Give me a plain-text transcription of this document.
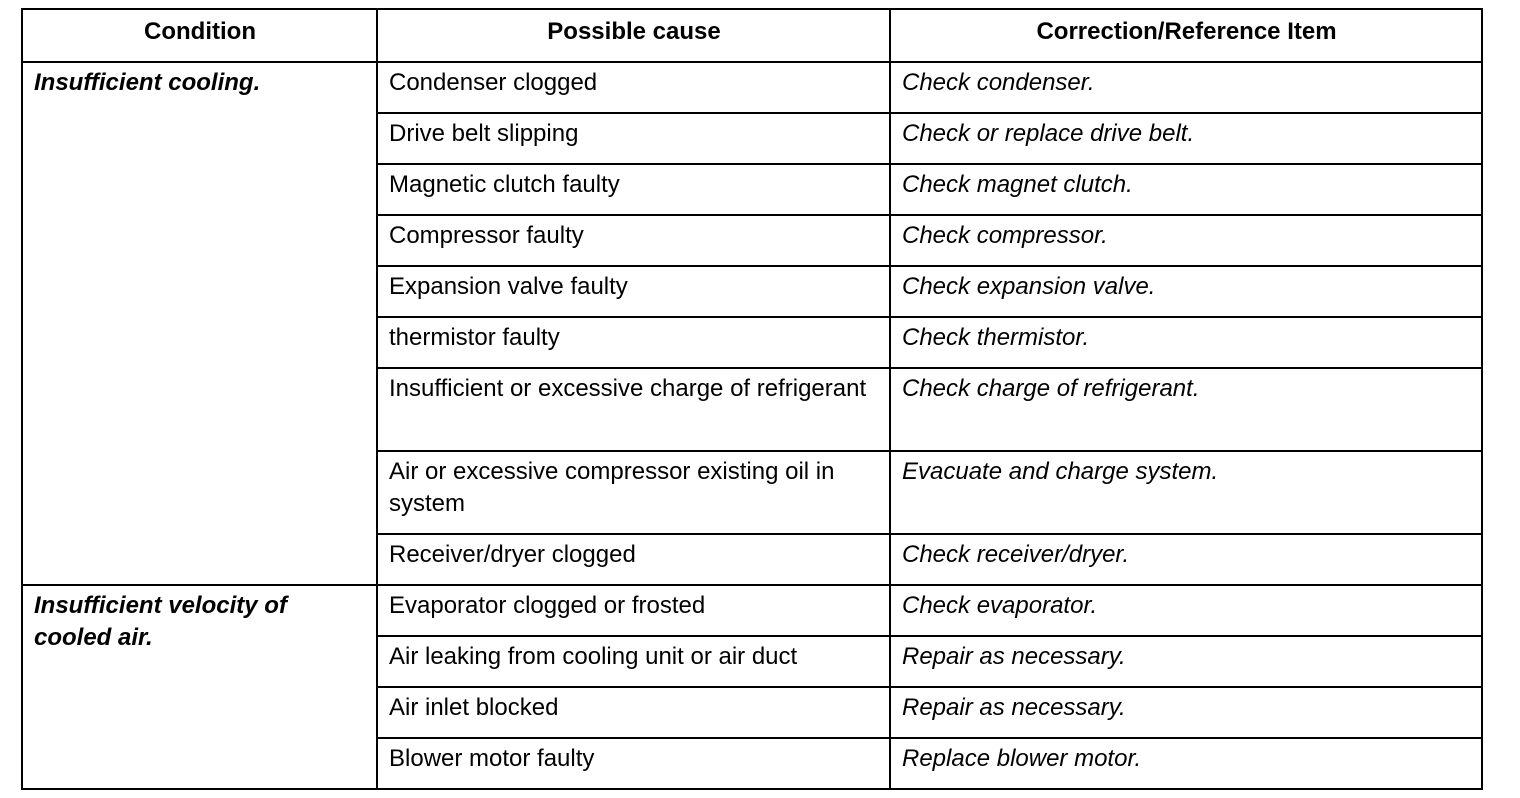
Condition	Possible cause	Correction/Reference Item
Insufficient cooling.	Condenser clogged	Check condenser.
	Drive belt slipping	Check or replace drive belt.
	Magnetic clutch faulty	Check magnet clutch.
	Compressor faulty	Check compressor.
	Expansion valve faulty	Check expansion valve.
	thermistor faulty	Check thermistor.
	Insufficient or excessive charge of refrigerant	Check charge of refrigerant.
	Air or excessive compressor existing oil in system	Evacuate and charge system.
	Receiver/dryer clogged	Check receiver/dryer.
Insufficient velocity of cooled air.	Evaporator clogged or frosted	Check evaporator.
	Air leaking from cooling unit or air duct	Repair as necessary.
	Air inlet blocked	Repair as necessary.
	Blower motor faulty	Replace blower motor.
